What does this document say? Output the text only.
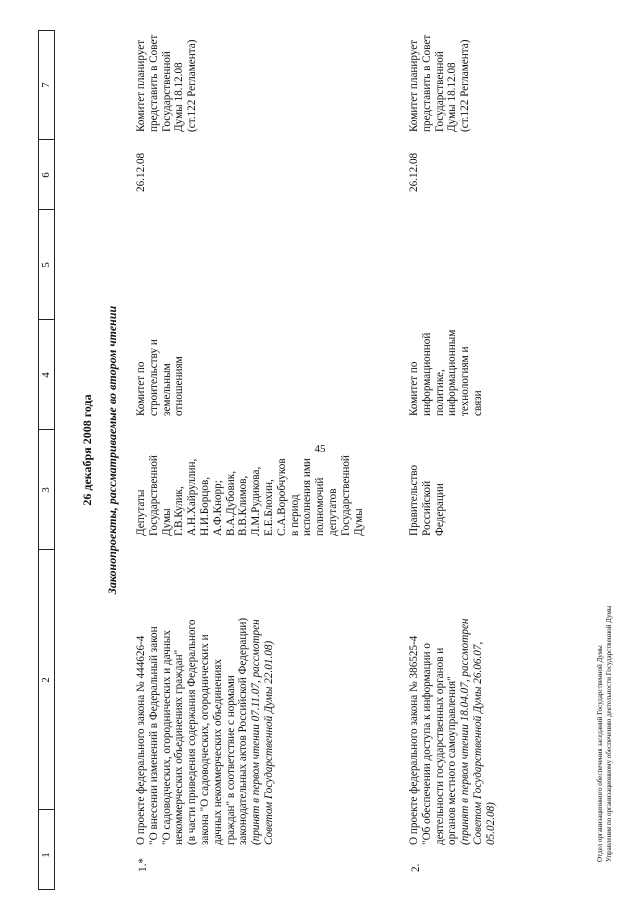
45
1
2
3
4
5
6
7
26 декабря 2008 года Законопроекты, рассматриваемые во втором чтении
1.*
О проекте федерального закона № 444626-4 "О внесении изменений в Федеральный закон "О садоводческих, огороднических и дачных некоммерческих объединениях граждан" (в части приведения содержания Федерального закона "О садоводческих, огороднических и дачных некоммерческих объединениях граждан" в соответствие с нормами законодательных актов Российской Федерации) (принят в первом чтении 07.11.07, рассмотрен Советом Государственной Думы 22.01.08)
Депутаты Государственной Думы Г.В.Кулик, А.Н.Хайруллин, Н.И.Борцов, А.Ф.Кнорр; В.А.Дубовик, В.В.Климов, Л.М.Рудикова, Е.Е.Блохин, С.А.Воробчуков в период исполнения ими полномочий депутатов Государственной Думы
Комитет по строительству и земельным отношениям
26.12.08
Комитет планирует представить в Совет Государственной Думы 18.12.08 (ст.122 Регламента)
2.
О проекте федерального закона № 386525-4 "Об обеспечении доступа к информации о деятельности государственных органов и органов местного самоуправления" (принят в первом чтении 18.04.07, рассмотрен Советом Государственной Думы 26.06.07, 05.02.08)
Правительство Российской Федерации
Комитет по информационной политике, информационным технологиям и связи
26.12.08
Комитет планирует представить в Совет Государственной Думы 18.12.08 (ст.122 Регламента)
Отдел организационного обеспечения заседаний Государственной Думы Управления по организационному обеспечению деятельности Государственной Думы
